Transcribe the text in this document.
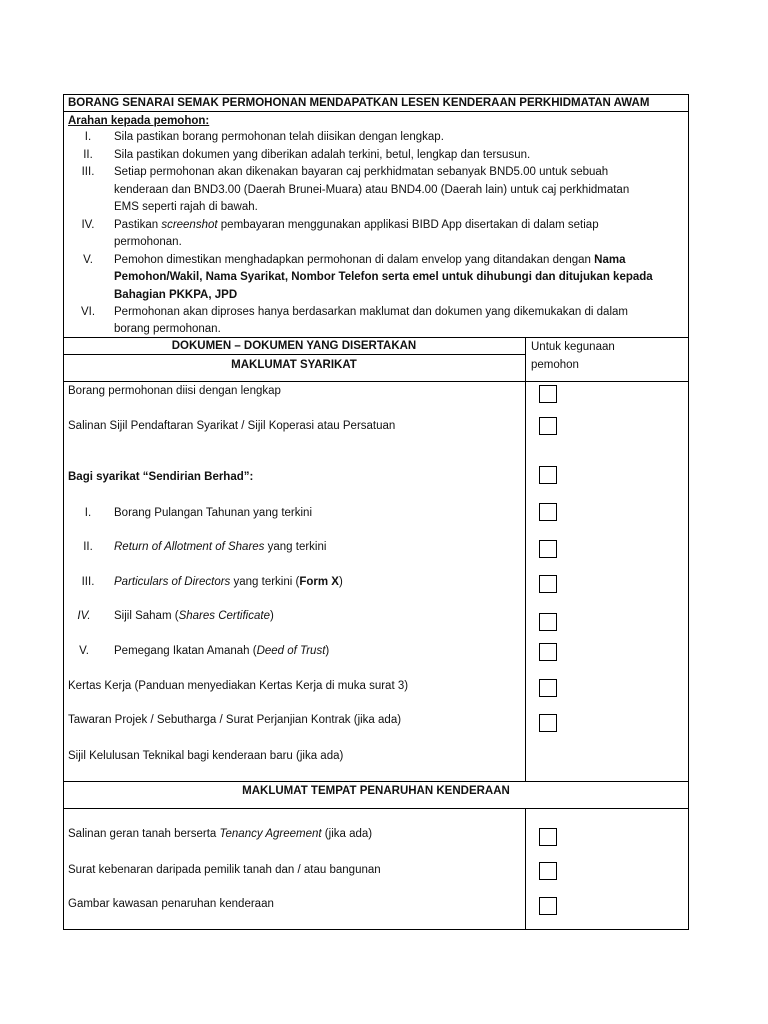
BORANG SENARAI SEMAK PERMOHONAN MENDAPATKAN LESEN KENDERAAN PERKHIDMATAN AWAM
Arahan kepada pemohon:
I.	Sila pastikan borang permohonan telah diisikan dengan lengkap.
II.	Sila pastikan dokumen yang diberikan adalah terkini, betul, lengkap dan tersusun.
III.	Setiap permohonan akan dikenakan bayaran caj perkhidmatan sebanyak BND5.00 untuk sebuah
kenderaan dan BND3.00 (Daerah Brunei-Muara) atau BND4.00 (Daerah lain) untuk caj perkhidmatan
EMS seperti rajah di bawah.
IV.	Pastikan screenshot pembayaran menggunakan applikasi BIBD App disertakan di dalam setiap
permohonan.
V.	Pemohon dimestikan menghadapkan permohonan di dalam envelop yang ditandakan dengan Nama
Pemohon/Wakil, Nama Syarikat, Nombor Telefon serta emel untuk dihubungi dan ditujukan kepada
Bahagian PKKPA, JPD
VI.	Permohonan akan diproses hanya berdasarkan maklumat dan dokumen yang dikemukakan di dalam
borang permohonan.
DOKUMEN – DOKUMEN YANG DISERTAKAN
MAKLUMAT SYARIKAT
Untuk kegunaan
pemohon
Borang permohonan diisi dengan lengkap
Salinan Sijil Pendaftaran Syarikat / Sijil Koperasi atau Persatuan
Bagi syarikat “Sendirian Berhad”:
I.	Borang Pulangan Tahunan yang terkini
II.	Return of Allotment of Shares yang terkini
III.	Particulars of Directors yang terkini (Form X)
IV.	Sijil Saham (Shares Certificate)
V.	Pemegang Ikatan Amanah (Deed of Trust)
Kertas Kerja (Panduan menyediakan Kertas Kerja di muka surat 3)
Tawaran Projek / Sebutharga / Surat Perjanjian Kontrak (jika ada)
Sijil Kelulusan Teknikal bagi kenderaan baru (jika ada)
MAKLUMAT TEMPAT PENARUHAN KENDERAAN
Salinan geran tanah berserta Tenancy Agreement (jika ada)
Surat kebenaran daripada pemilik tanah dan / atau bangunan
Gambar kawasan penaruhan kenderaan
